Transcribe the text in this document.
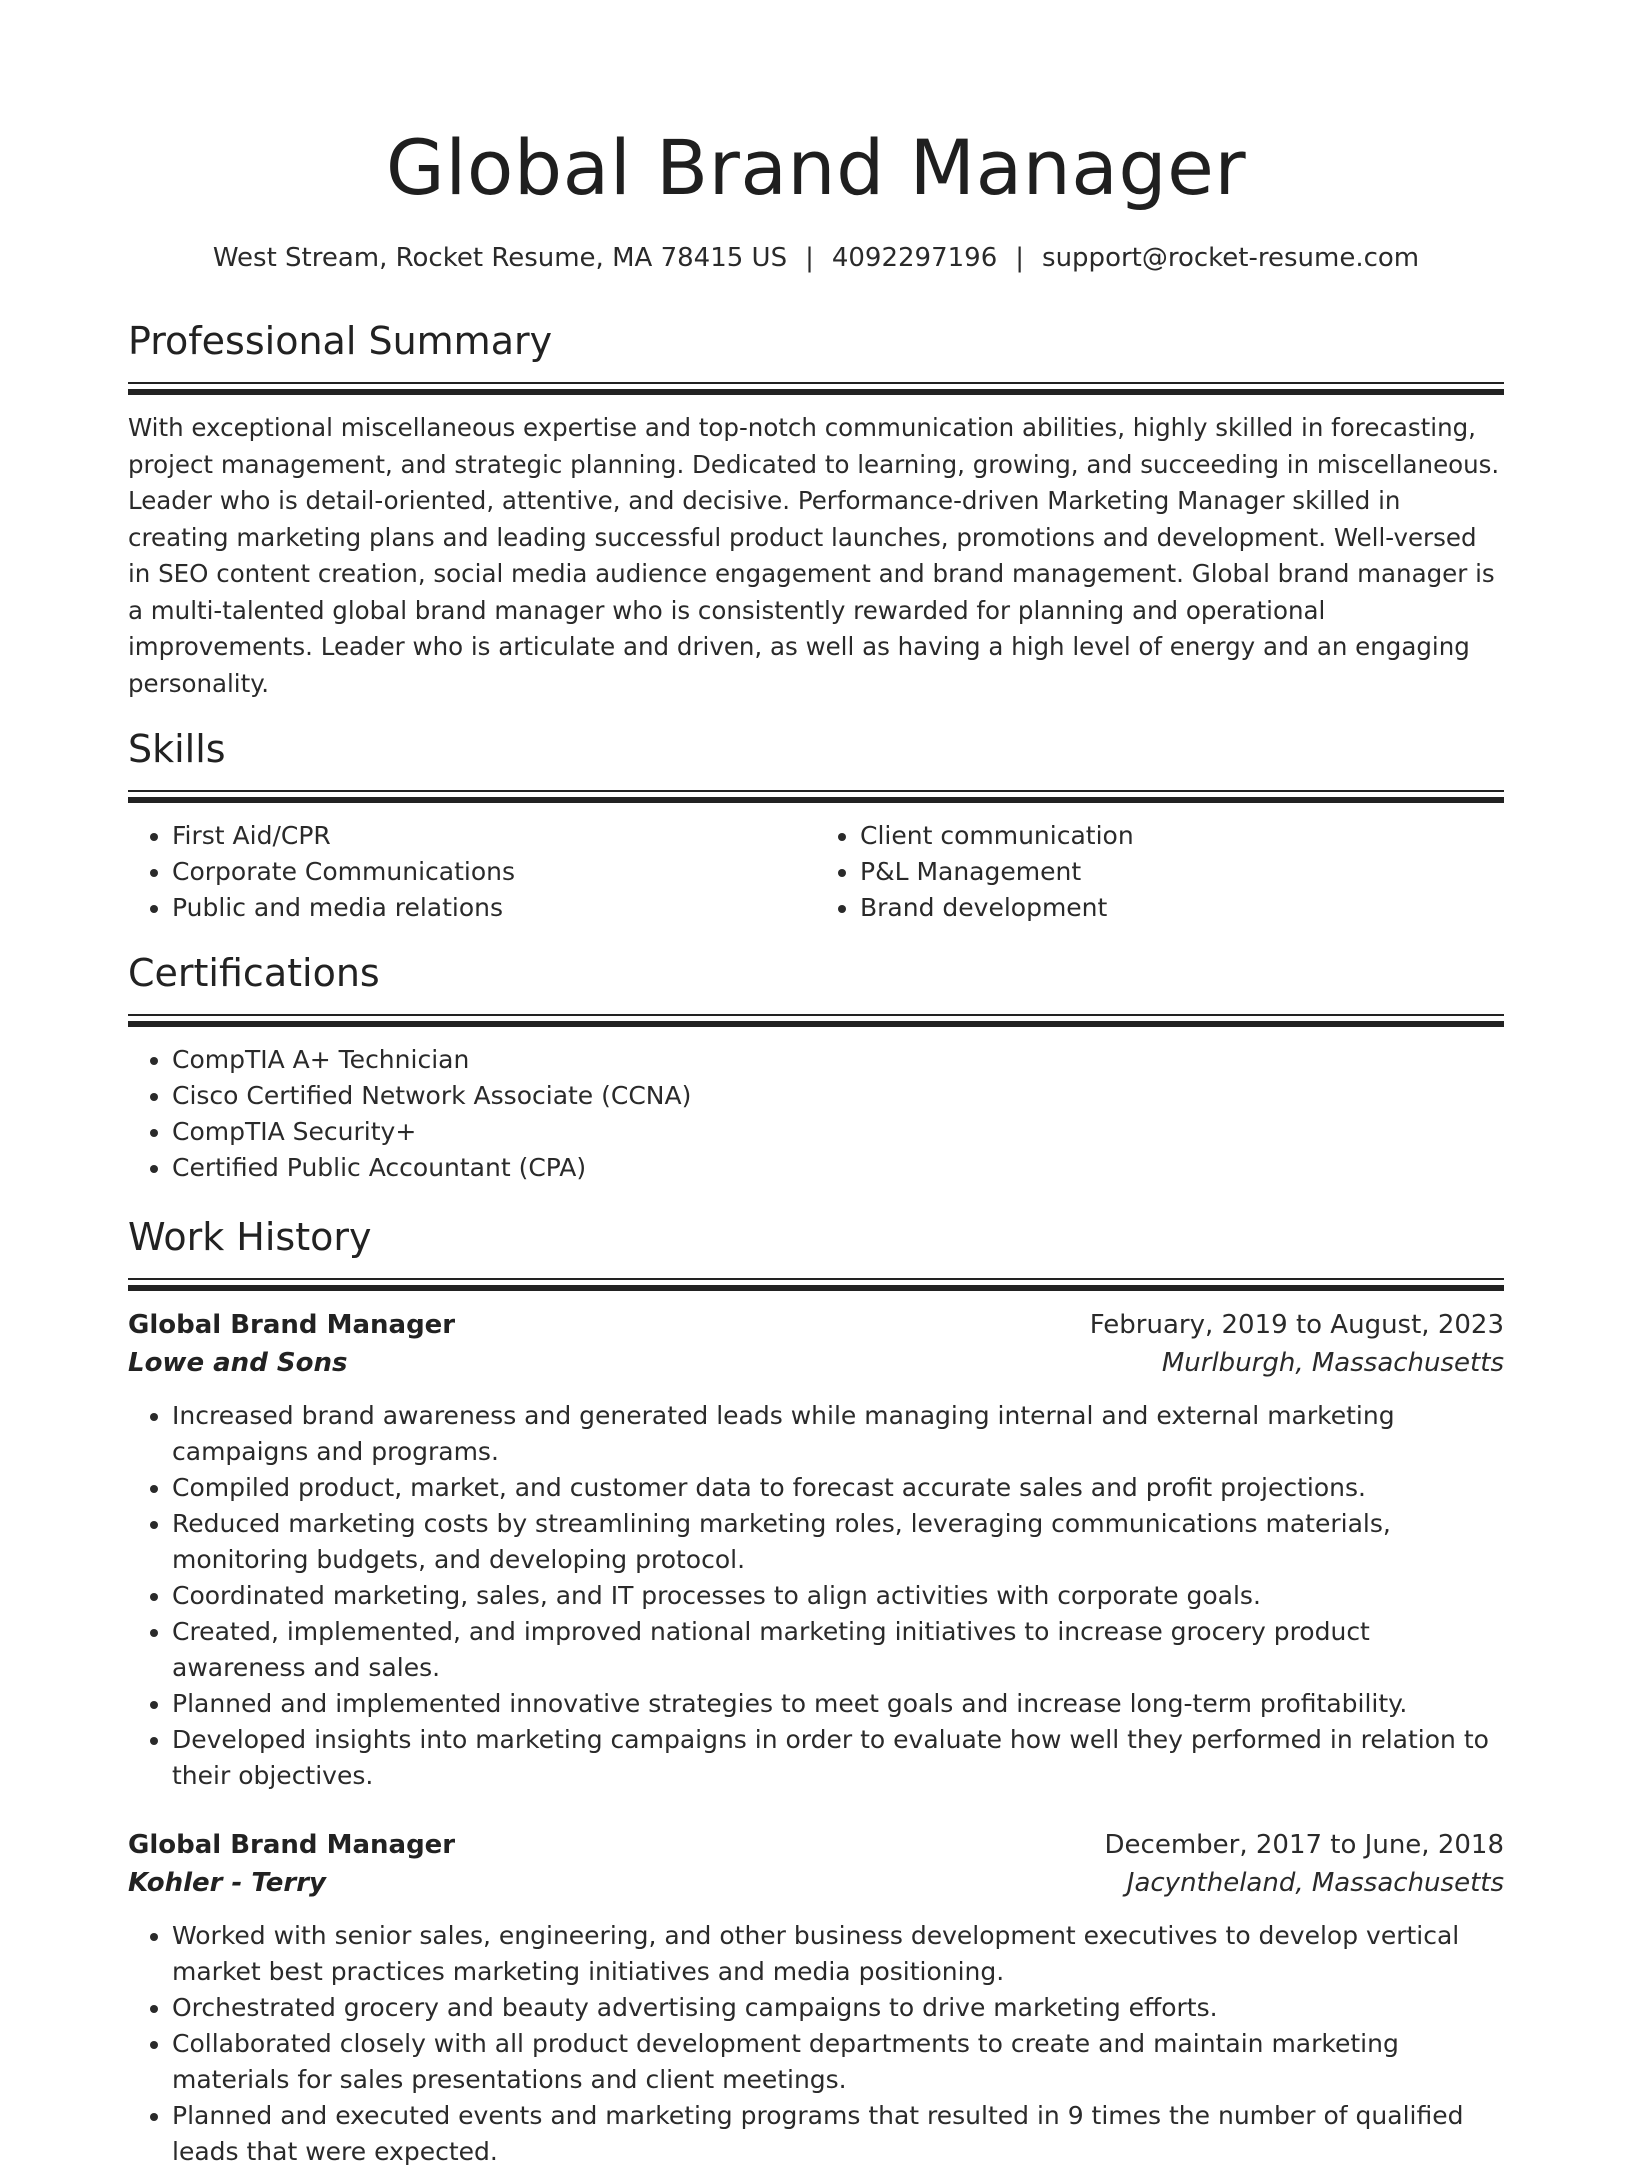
Global Brand Manager
West Stream, Rocket Resume, MA 78415 US | 4092297196 | support@rocket-resume.com
Professional Summary

With exceptional miscellaneous expertise and top-notch communication abilities, highly skilled in forecasting, project management, and strategic planning. Dedicated to learning, growing, and succeeding in miscellaneous. Leader who is detail-oriented, attentive, and decisive. Performance-driven Marketing Manager skilled in creating marketing plans and leading successful product launches, promotions and development. Well-versed in SEO content creation, social media audience engagement and brand management. Global brand manager is a multi-talented global brand manager who is consistently rewarded for planning and operational improvements. Leader who is articulate and driven, as well as having a high level of energy and an engaging personality.

Skills
• First Aid/CPR
• Corporate Communications
• Public and media relations
• Client communication
• P&L Management
• Brand development
Certifications
• CompTIA A+ Technician
• Cisco Certified Network Associate (CCNA)
• CompTIA Security+
• Certified Public Accountant (CPA)
Work History
Global Brand Manager	February, 2019 to August, 2023
Lowe and Sons	Murlburgh, Massachusetts
• Increased brand awareness and generated leads while managing internal and external marketing campaigns and programs.
• Compiled product, market, and customer data to forecast accurate sales and profit projections.
• Reduced marketing costs by streamlining marketing roles, leveraging communications materials, monitoring budgets, and developing protocol.
• Coordinated marketing, sales, and IT processes to align activities with corporate goals.
• Created, implemented, and improved national marketing initiatives to increase grocery product awareness and sales.
• Planned and implemented innovative strategies to meet goals and increase long-term profitability.
• Developed insights into marketing campaigns in order to evaluate how well they performed in relation to their objectives.
Global Brand Manager	December, 2017 to June, 2018
Kohler - Terry	Jacyntheland, Massachusetts
• Worked with senior sales, engineering, and other business development executives to develop vertical market best practices marketing initiatives and media positioning.
• Orchestrated grocery and beauty advertising campaigns to drive marketing efforts.
• Collaborated closely with all product development departments to create and maintain marketing materials for sales presentations and client meetings.
• Planned and executed events and marketing programs that resulted in 9 times the number of qualified leads that were expected.
